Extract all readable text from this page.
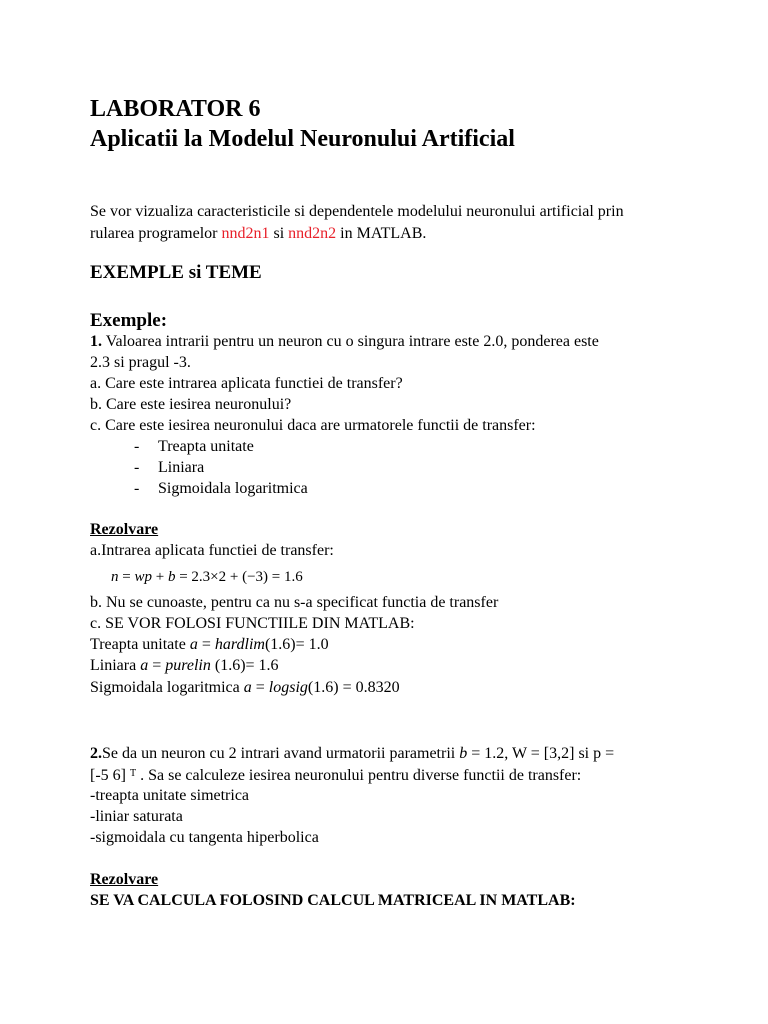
LABORATOR 6
Aplicatii la Modelul Neuronului Artificial
Se vor vizualiza caracteristicile si dependentele modelului neuronului artificial prin
rularea programelor nnd2n1 si nnd2n2 in MATLAB.
EXEMPLE si TEME
Exemple:
1. Valoarea intrarii pentru un neuron cu o singura intrare este 2.0, ponderea este
2.3 si pragul -3.
a. Care este intrarea aplicata functiei de transfer?
b. Care este iesirea neuronului?
c. Care este iesirea neuronului daca are urmatorele functii de transfer:
- Treapta unitate
- Liniara
- Sigmoidala logaritmica
Rezolvare
a.Intrarea aplicata functiei de transfer:
n = wp + b = 2.3×2 + (−3) = 1.6
b. Nu se cunoaste, pentru ca nu s-a specificat functia de transfer
c. SE VOR FOLOSI FUNCTIILE DIN MATLAB:
Treapta unitate a = hardlim(1.6)= 1.0
Liniara a = purelin (1.6)= 1.6
Sigmoidala logaritmica a = logsig(1.6) = 0.8320
2.Se da un neuron cu 2 intrari avand urmatorii parametrii b = 1.2, W = [3,2] si p =
[-5 6] $^T$ . Sa se calculeze iesirea neuronului pentru diverse functii de transfer:
-treapta unitate simetrica
-liniar saturata
-sigmoidala cu tangenta hiperbolica
Rezolvare
SE VA CALCULA FOLOSIND CALCUL MATRICEAL IN MATLAB:
